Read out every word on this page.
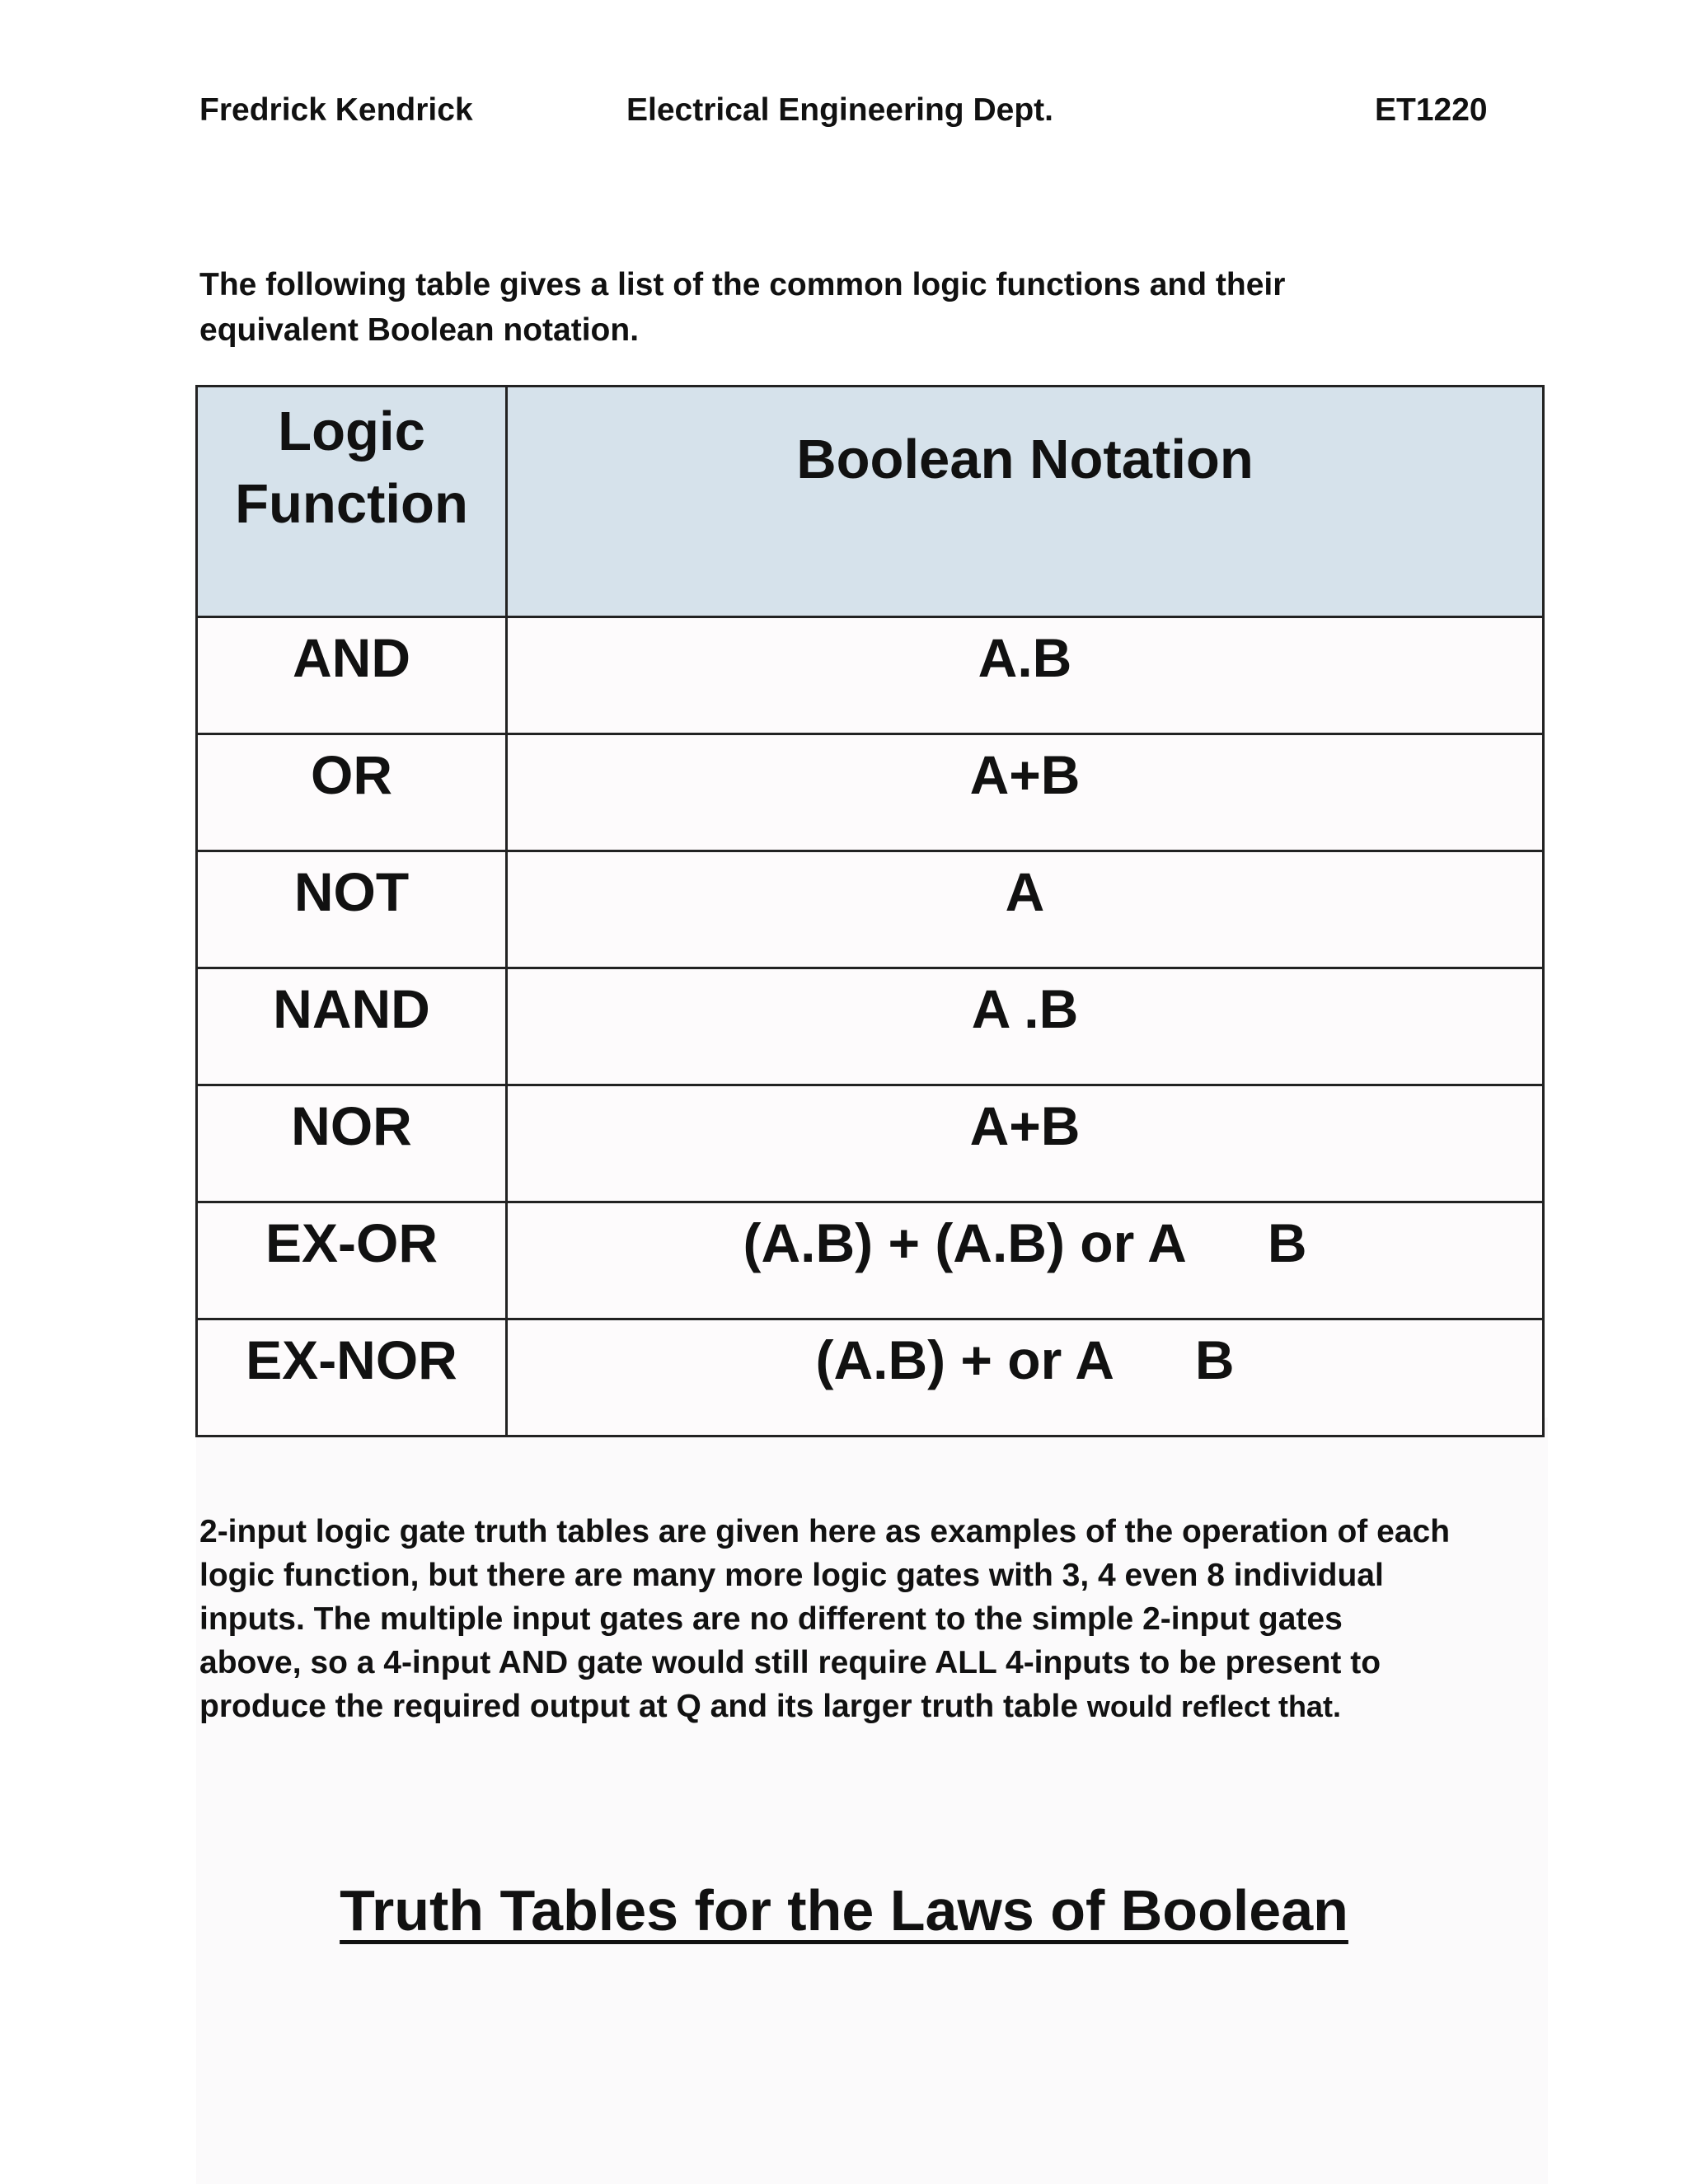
Fredrick Kendrick	Electrical Engineering Dept.	ET1220
The following table gives a list of the common logic functions and their
equivalent Boolean notation.
Logic
Function	Boolean Notation
AND	A.B
OR	A+B
NOT	A
NAND	A .B
NOR	A+B
EX-OR	(A.B) + (A.B) or A B
EX-NOR	(A.B) + or A B
2-input logic gate truth tables are given here as examples of the operation of each
logic function, but there are many more logic gates with 3, 4 even 8 individual
inputs. The multiple input gates are no different to the simple 2-input gates
above, so a 4-input AND gate would still require ALL 4-inputs to be present to
produce the required output at Q and its larger truth table would reflect that.
Truth Tables for the Laws of Boolean
